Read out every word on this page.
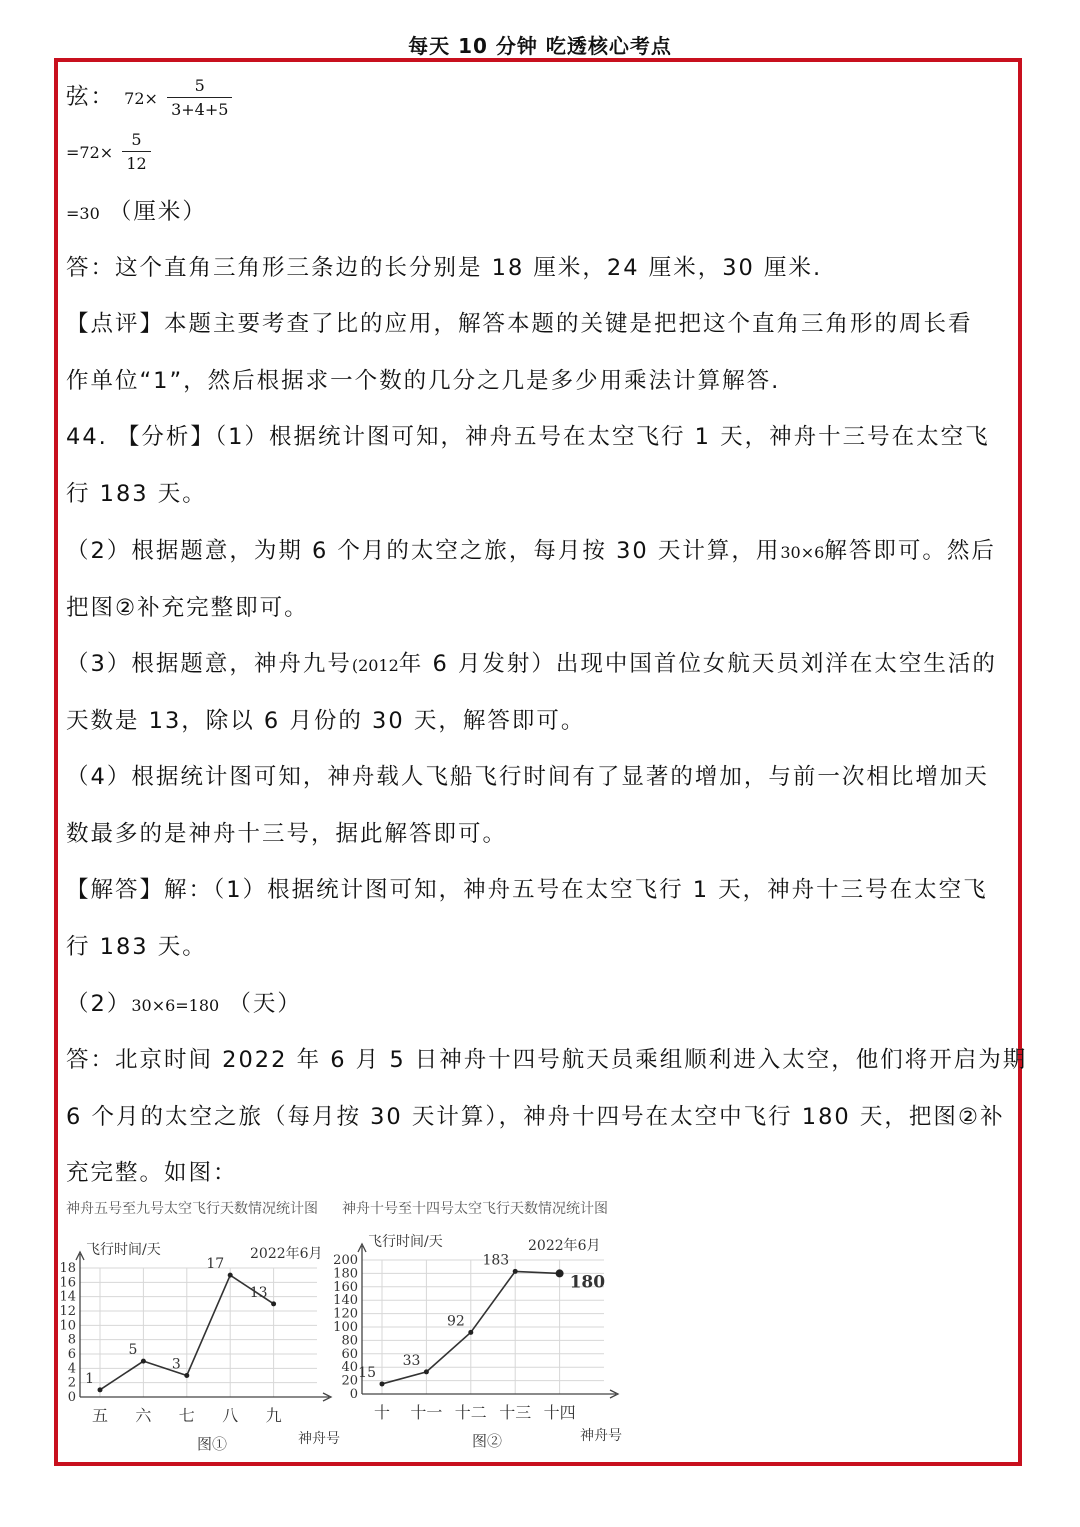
每天 10 分钟 吃透核心考点
弦： $72\times \frac{5}{3+4+5}$
$=72\times \frac{5}{12}$
=30 （厘米）
答：这个直角三角形三条边的长分别是 18 厘米，24 厘米，30 厘米.
【点评】本题主要考查了比的应用，解答本题的关键是把把这个直角三角形的周长看
作单位“1”，然后根据求一个数的几分之几是多少用乘法计算解答.
44. 【分析】（1）根据统计图可知，神舟五号在太空飞行 1 天，神舟十三号在太空飞
行 183 天。
（2）根据题意，为期 6 个月的太空之旅，每月按 30 天计算，用30×6解答即可。然后
把图②补充完整即可。
（3）根据题意，神舟九号(2012年 6 月发射）出现中国首位女航天员刘洋在太空生活的
天数是 13，除以 6 月份的 30 天，解答即可。
（4）根据统计图可知，神舟载人飞船飞行时间有了显著的增加，与前一次相比增加天
数最多的是神舟十三号，据此解答即可。
【解答】解：（1）根据统计图可知，神舟五号在太空飞行 1 天，神舟十三号在太空飞
行 183 天。
（2）30×6=180 （天）
答：北京时间 2022 年 6 月 5 日神舟十四号航天员乘组顺利进入太空，他们将开启为期
6 个月的太空之旅（每月按 30 天计算），神舟十四号在太空中飞行 180 天，把图②补
充完整。如图：
神舟五号至九号太空飞行天数情况统计图 神舟十号至十四号太空飞行天数情况统计图
0
2
4
6
8
10
12
14
16
18
五 六 七 八 九
飞行时间/天	2022年6月
图①	神舟号
1
5
3
17
13
0
20
40
60
80
100
120
140
160
180
200
十 十一 十二 十三 十四
飞行时间/天	2022年6月
图②	神舟号
15
33
92
183
180
